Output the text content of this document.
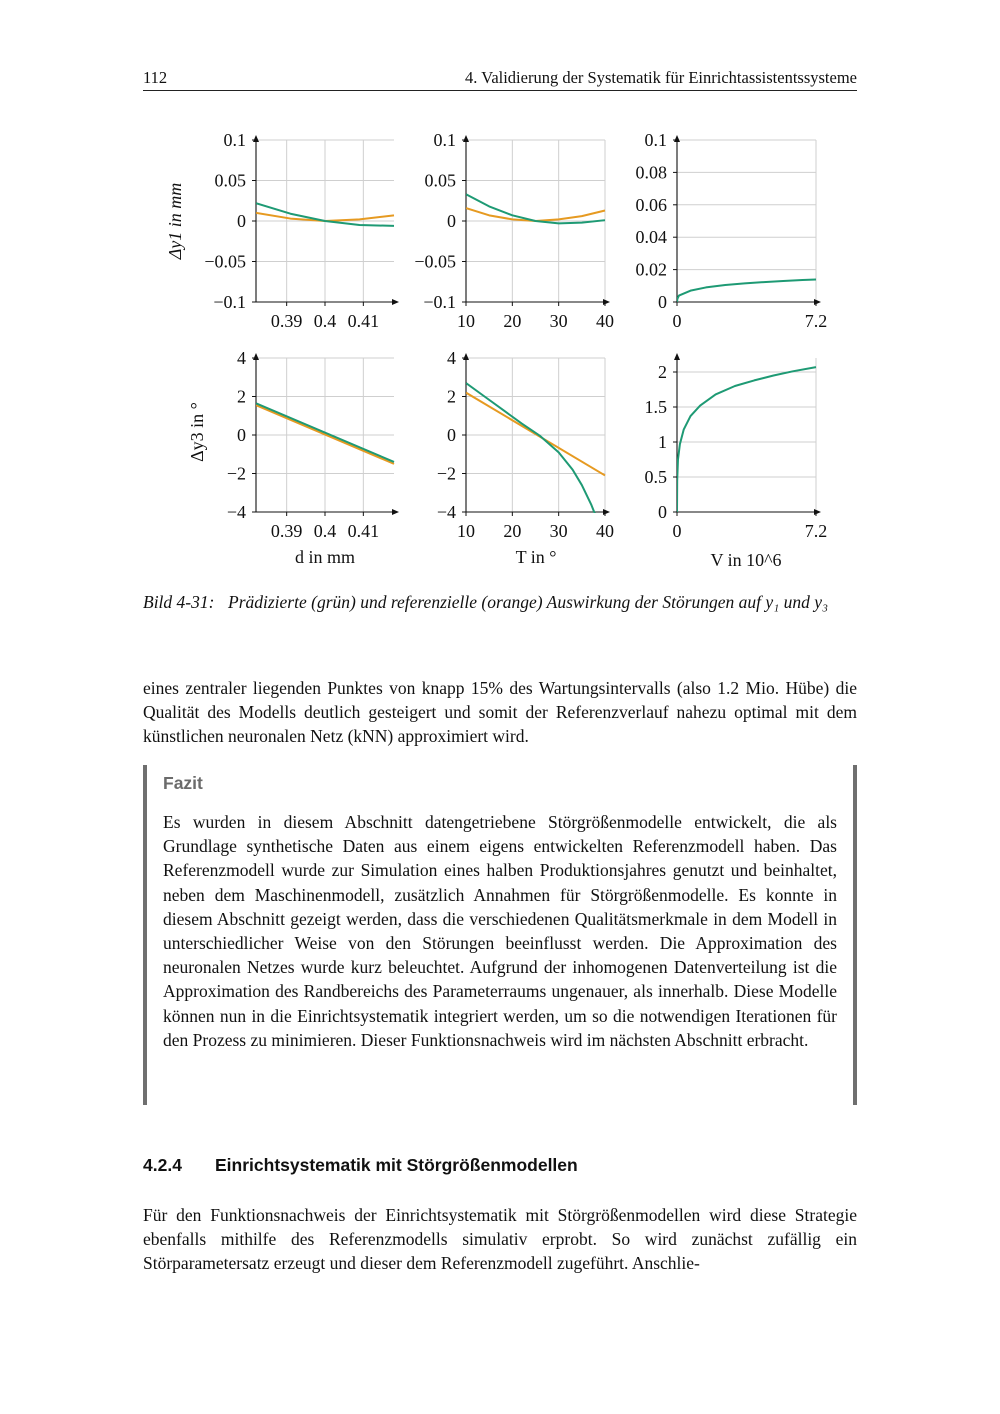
112	4. Validierung der Systematik für Einrichtassistentssysteme
Δy1 in mm
Δy3 in °
d in mm	T in °	V in 10^6
0.39 0.4 0.41
−0.1
−0.05
0
0.05
0.1
10 20 30 40
−0.1
−0.05
0
0.05
0.1
0	7.2
0
0.02
0.04
0.06
0.08
0.1
0.39 0.4 0.41
−4
−2
0
2
4
10 20 30 40
−4
−2
0
2
4
0	7.2
0
0.5
1
1.5
2
Bild 4-31: Prädizierte (grün) und referenzielle (orange) Auswirkung der Störungen auf y₁ und y₃
eines zentraler liegenden Punktes von knapp 15% des Wartungsintervalls (also 1.2 Mio. Hübe) die Qualität des Modells deutlich gesteigert und somit der Referenzverlauf nahezu optimal mit dem künstlichen neuronalen Netz (kNN) approximiert wird.
Fazit
Es wurden in diesem Abschnitt datengetriebene Störgrößenmodelle entwickelt, die als Grundlage synthetische Daten aus einem eigens entwickelten Referenzmodell haben. Das Referenzmodell wurde zur Simulation eines halben Produktionsjahres genutzt und beinhaltet, neben dem Maschinenmodell, zusätzlich Annahmen für Störgrößenmodelle. Es konnte in diesem Abschnitt gezeigt werden, dass die verschiedenen Qualitätsmerkmale in dem Modell in unterschiedlicher Weise von den Störungen beeinflusst werden. Die Approximation des neuronalen Netzes wurde kurz beleuchtet. Aufgrund der inhomogenen Datenverteilung ist die Approximation des Randbereichs des Parameterraums ungenauer, als innerhalb. Diese Modelle können nun in die Einrichtsystematik integriert werden, um so die notwendigen Iterationen für den Prozess zu minimieren. Dieser Funktionsnachweis wird im nächsten Abschnitt erbracht.
4.2.4 Einrichtsystematik mit Störgrößenmodellen
Für den Funktionsnachweis der Einrichtsystematik mit Störgrößenmodellen wird diese Strategie ebenfalls mithilfe des Referenzmodells simulativ erprobt. So wird zunächst zufällig ein Störparametersatz erzeugt und dieser dem Referenzmodell zugeführt. Anschlie-
